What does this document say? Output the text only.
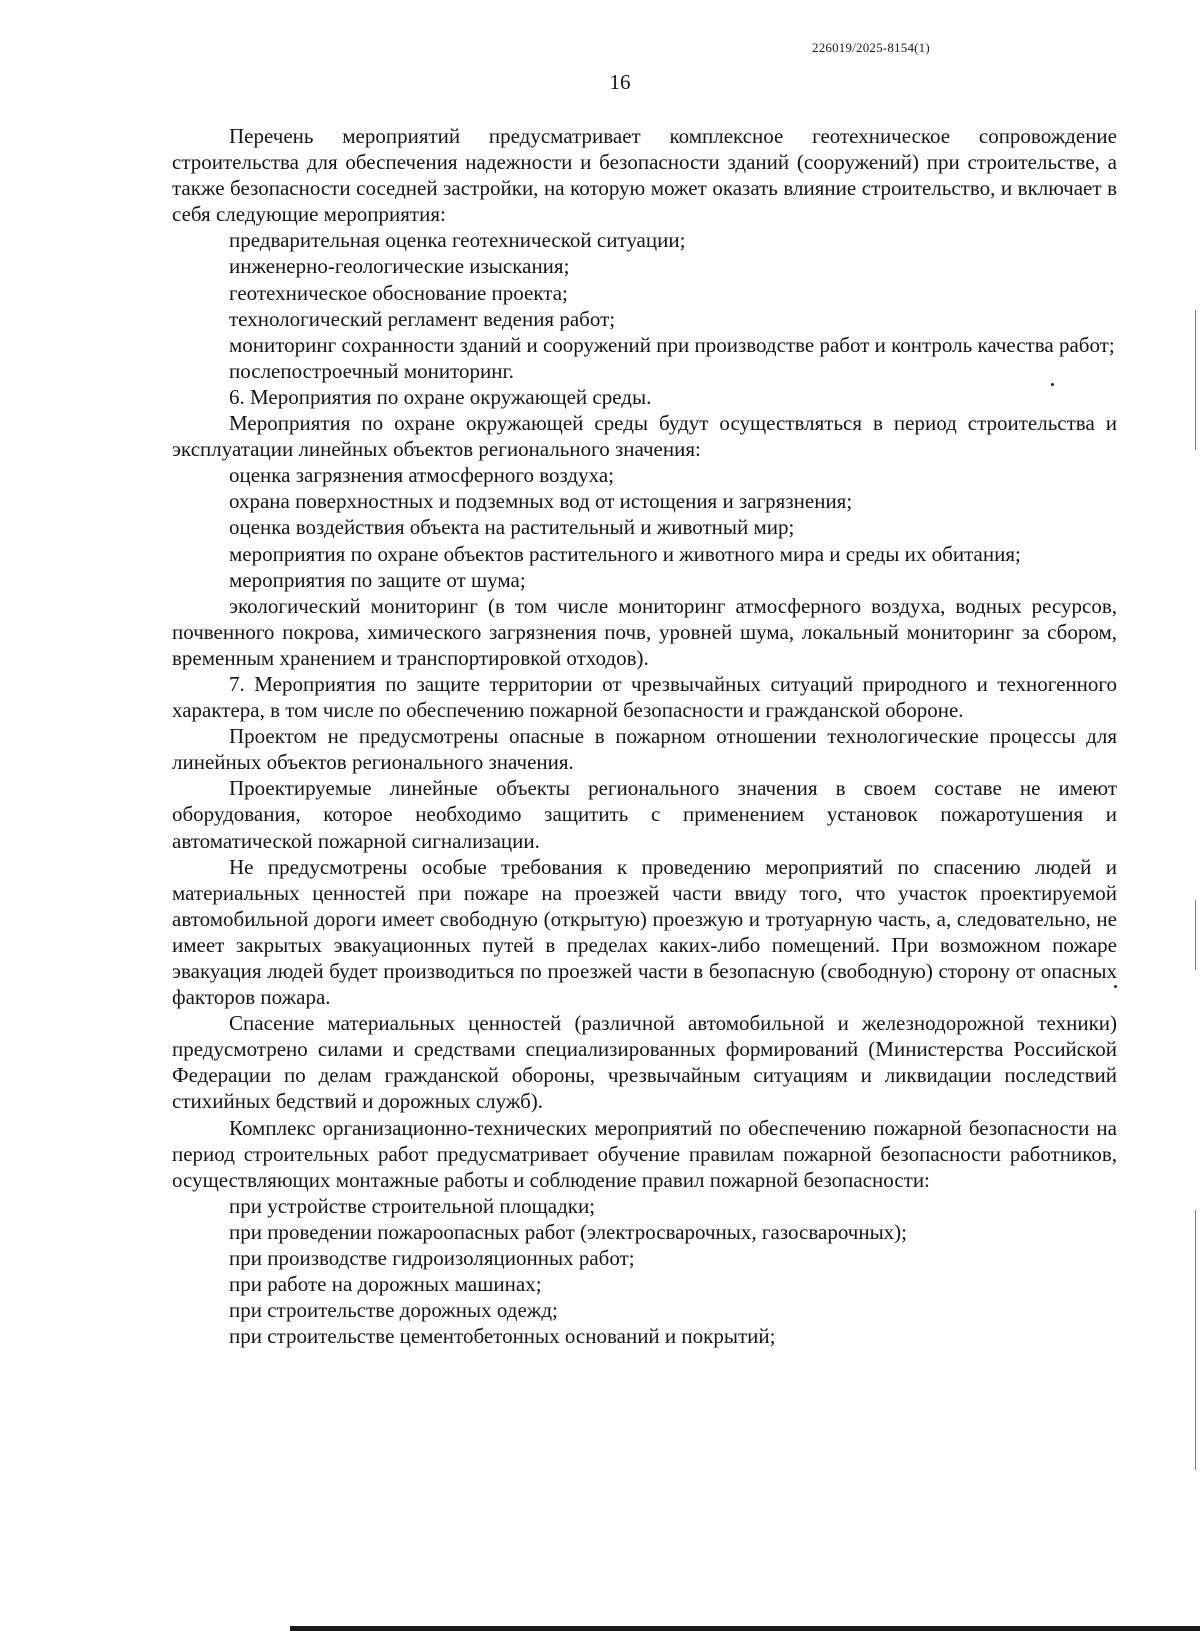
226019/2025-8154(1)
16

Перечень мероприятий предусматривает комплексное геотехническое сопровождение строительства для обеспечения надежности и безопасности зданий (сооружений) при строительстве, а также безопасности соседней застройки, на которую может оказать влияние строительство, и включает в себя следующие мероприятия:

предварительная оценка геотехнической ситуации;

инженерно-геологические изыскания;

геотехническое обоснование проекта;

технологический регламент ведения работ;

мониторинг сохранности зданий и сооружений при производстве работ и контроль качества работ;

послепостроечный мониторинг.

6. Мероприятия по охране окружающей среды.

Мероприятия по охране окружающей среды будут осуществляться в период строительства и эксплуатации линейных объектов регионального значения:

оценка загрязнения атмосферного воздуха;

охрана поверхностных и подземных вод от истощения и загрязнения;

оценка воздействия объекта на растительный и животный мир;

мероприятия по охране объектов растительного и животного мира и среды их обитания;

мероприятия по защите от шума;

экологический мониторинг (в том числе мониторинг атмосферного воздуха, водных ресурсов, почвенного покрова, химического загрязнения почв, уровней шума, локальный мониторинг за сбором, временным хранением и транспортировкой отходов).

7. Мероприятия по защите территории от чрезвычайных ситуаций природного и техногенного характера, в том числе по обеспечению пожарной безопасности и гражданской обороне.

Проектом не предусмотрены опасные в пожарном отношении технологические процессы для линейных объектов регионального значения.

Проектируемые линейные объекты регионального значения в своем составе не имеют оборудования, которое необходимо защитить с применением установок пожаротушения и автоматической пожарной сигнализации.

Не предусмотрены особые требования к проведению мероприятий по спасению людей и материальных ценностей при пожаре на проезжей части ввиду того, что участок проектируемой автомобильной дороги имеет свободную (открытую) проезжую и тротуарную часть, а, следовательно, не имеет закрытых эвакуационных путей в пределах каких-либо помещений. При возможном пожаре эвакуация людей будет производиться по проезжей части в безопасную (свободную) сторону от опасных факторов пожара.

Спасение материальных ценностей (различной автомобильной и железнодорожной техники) предусмотрено силами и средствами специализированных формирований (Министерства Российской Федерации по делам гражданской обороны, чрезвычайным ситуациям и ликвидации последствий стихийных бедствий и дорожных служб).

Комплекс организационно-технических мероприятий по обеспечению пожарной безопасности на период строительных работ предусматривает обучение правилам пожарной безопасности работников, осуществляющих монтажные работы и соблюдение правил пожарной безопасности:

при устройстве строительной площадки;

при проведении пожароопасных работ (электросварочных, газосварочных);

при производстве гидроизоляционных работ;

при работе на дорожных машинах;

при строительстве дорожных одежд;

при строительстве цементобетонных оснований и покрытий;
